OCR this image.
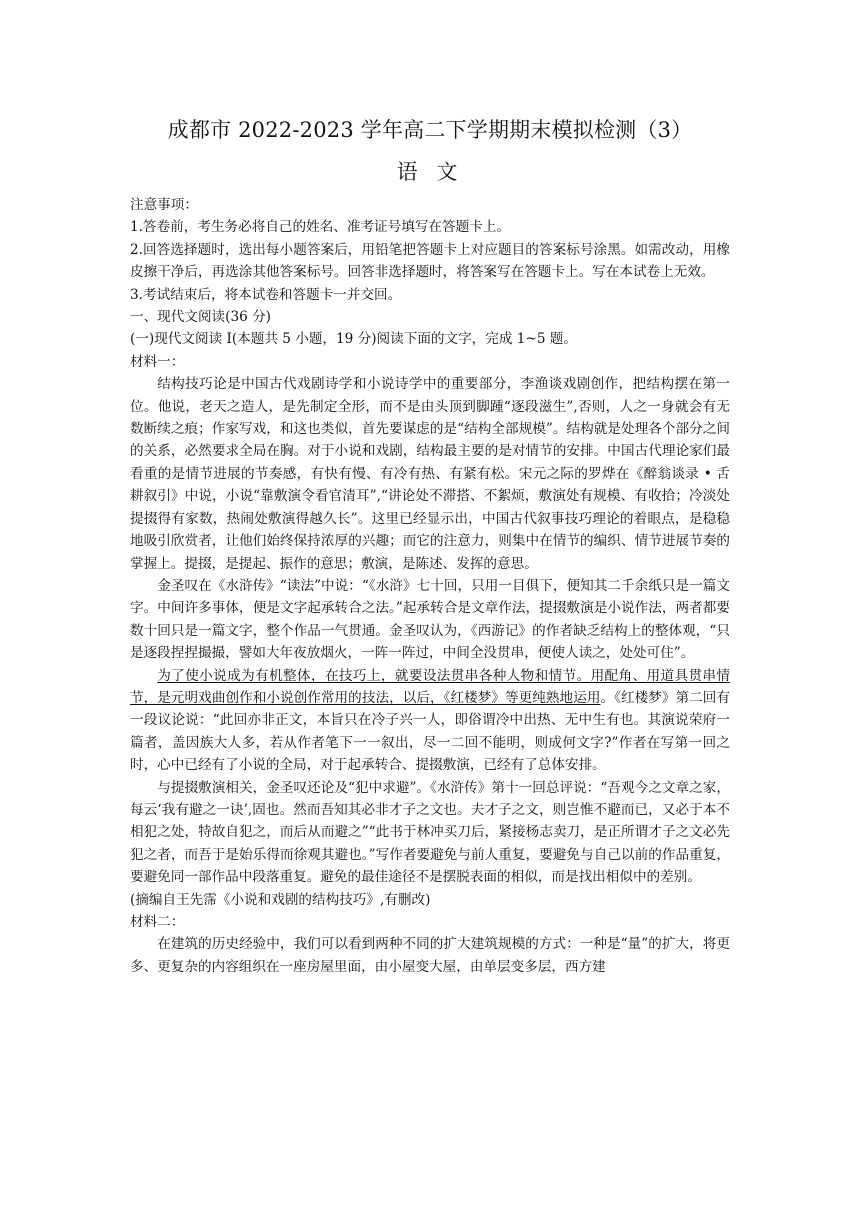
成都市 2022-2023 学年高二下学期期末模拟检测（3）
语 文

注意事项：

1.答卷前，考生务必将自己的姓名、准考证号填写在答题卡上。

2.回答选择题时，选出每小题答案后，用铅笔把答题卡上对应题目的答案标号涂黑。如需改动，用橡皮擦干净后，再选涂其他答案标号。回答非选择题时，将答案写在答题卡上。写在本试卷上无效。

3.考试结束后，将本试卷和答题卡一并交回。

一、现代文阅读(36 分)

(一)现代文阅读 I(本题共 5 小题，19 分)阅读下面的文字，完成 1~5 题。

材料一：

结构技巧论是中国古代戏剧诗学和小说诗学中的重要部分，李渔谈戏剧创作，把结构摆在第一位。他说，老天之造人，是先制定全形，而不是由头顶到脚踵“逐段滋生”,否则，人之一身就会有无数断续之痕；作家写戏，和这也类似，首先要谋虑的是“结构全部规模”。结构就是处理各个部分之间的关系，必然要求全局在胸。对于小说和戏剧，结构最主要的是对情节的安排。中国古代理论家们最看重的是情节进展的节奏感，有快有慢、有冷有热、有紧有松。宋元之际的罗烨在《醉翁谈录 • 舌耕叙引》中说，小说“靠敷演令看官清耳”,“讲论处不滞搭、不絮烦，敷演处有规模、有收拾；冷淡处提掇得有家数，热闹处敷演得越久长”。这里已经显示出，中国古代叙事技巧理论的着眼点，是稳稳地吸引欣赏者，让他们始终保持浓厚的兴趣；而它的注意力，则集中在情节的编织、情节进展节奏的掌握上。提掇，是提起、振作的意思；敷演，是陈述、发挥的意思。

金圣叹在《水浒传》“读法”中说：“《水浒》七十回，只用一目俱下，便知其二千余纸只是一篇文字。中间许多事体，便是文字起承转合之法。”起承转合是文章作法，提掇敷演是小说作法，两者都要数十回只是一篇文字，整个作品一气贯通。金圣叹认为，《西游记》的作者缺乏结构上的整体观，“只是逐段捏捏撮撮，譬如大年夜放烟火，一阵一阵过，中间全没贯串，便使人读之，处处可住”。

为了使小说成为有机整体，在技巧上，就要设法贯串各种人物和情节。用配角、用道具贯串情节，是元明戏曲创作和小说创作常用的技法，以后，《红楼梦》等更纯熟地运用。《红楼梦》第二回有一段议论说：“此回亦非正文，本旨只在冷子兴一人，即俗谓冷中出热、无中生有也。其演说荣府一篇者，盖因族大人多，若从作者笔下一一叙出，尽一二回不能明，则成何文字?”作者在写第一回之时，心中已经有了小说的全局，对于起承转合、提掇敷演，已经有了总体安排。

与提掇敷演相关，金圣叹还论及“犯中求避”。《水浒传》第十一回总评说：“吾观今之文章之家，每云‘我有避之一诀’,固也。然而吾知其必非才子之文也。夫才子之文，则岂惟不避而已，又必于本不相犯之处，特故自犯之，而后从而避之”“此书于林冲买刀后，紧接杨志卖刀，是正所谓才子之文必先犯之者，而吾于是始乐得而徐观其避也。”写作者要避免与前人重复，要避免与自己以前的作品重复，要避免同一部作品中段落重复。避免的最佳途径不是摆脱表面的相似，而是找出相似中的差别。

(摘编自王先霈《小说和戏剧的结构技巧》,有删改)

材料二：

在建筑的历史经验中，我们可以看到两种不同的扩大建筑规模的方式：一种是“量”的扩大，将更多、更复杂的内容组织在一座房屋里面，由小屋变大屋，由单层变多层，西方建
